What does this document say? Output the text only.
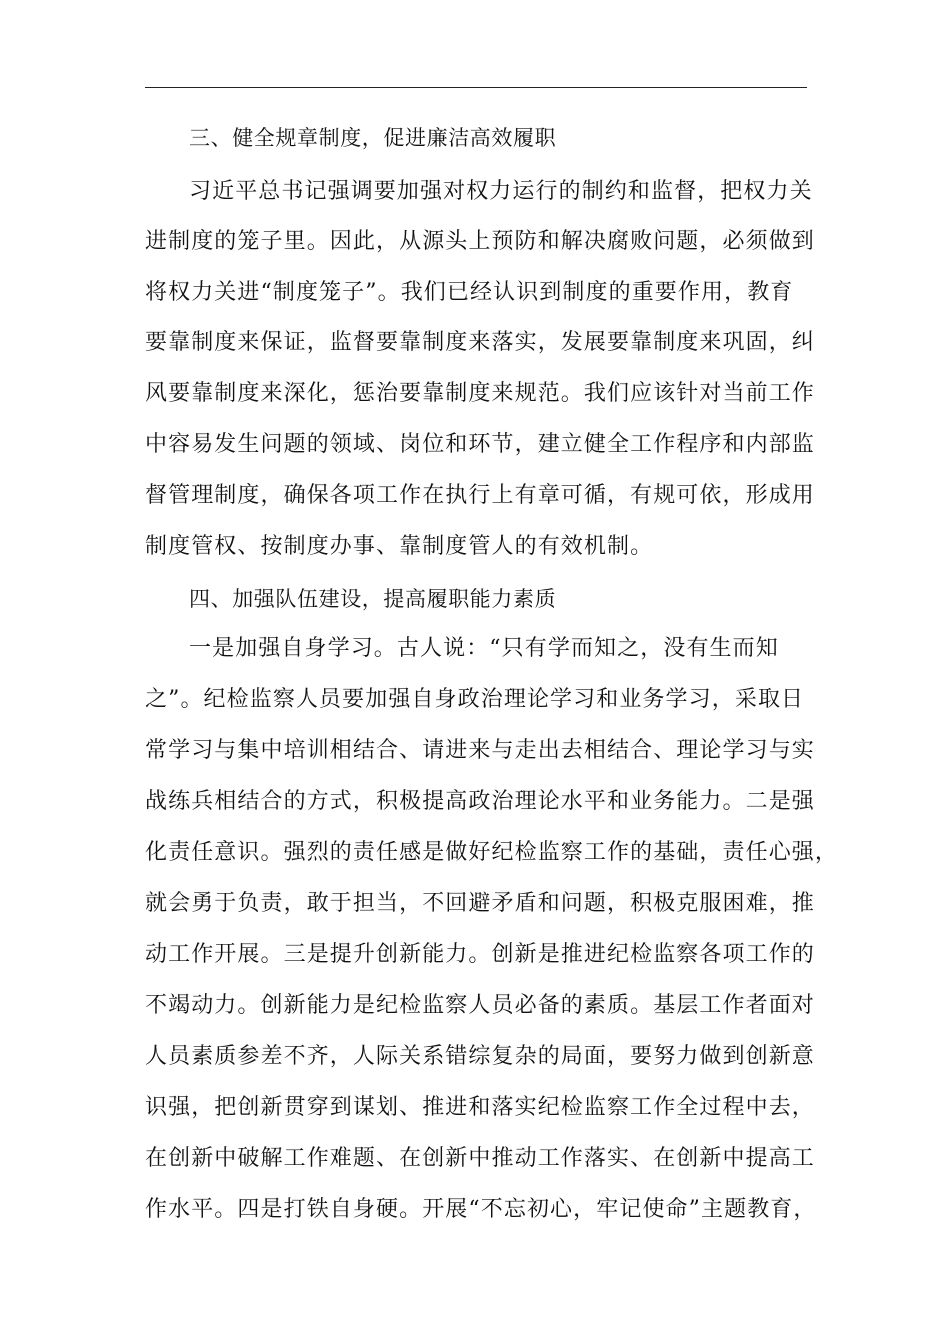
三、健全规章制度，促进廉洁高效履职
习近平总书记强调要加强对权力运行的制约和监督，把权力关
进制度的笼子里。因此，从源头上预防和解决腐败问题，必须做到
将权力关进“制度笼子”。我们已经认识到制度的重要作用，教育
要靠制度来保证，监督要靠制度来落实，发展要靠制度来巩固，纠
风要靠制度来深化，惩治要靠制度来规范。我们应该针对当前工作
中容易发生问题的领域、岗位和环节，建立健全工作程序和内部监
督管理制度，确保各项工作在执行上有章可循，有规可依，形成用
制度管权、按制度办事、靠制度管人的有效机制。
四、加强队伍建设，提高履职能力素质
一是加强自身学习。古人说：“只有学而知之，没有生而知
之”。纪检监察人员要加强自身政治理论学习和业务学习，采取日
常学习与集中培训相结合、请进来与走出去相结合、理论学习与实
战练兵相结合的方式，积极提高政治理论水平和业务能力。二是强
化责任意识。强烈的责任感是做好纪检监察工作的基础，责任心强，
就会勇于负责，敢于担当，不回避矛盾和问题，积极克服困难，推
动工作开展。三是提升创新能力。创新是推进纪检监察各项工作的
不竭动力。创新能力是纪检监察人员必备的素质。基层工作者面对
人员素质参差不齐，人际关系错综复杂的局面，要努力做到创新意
识强，把创新贯穿到谋划、推进和落实纪检监察工作全过程中去，
在创新中破解工作难题、在创新中推动工作落实、在创新中提高工
作水平。四是打铁自身硬。开展“不忘初心，牢记使命”主题教育，
